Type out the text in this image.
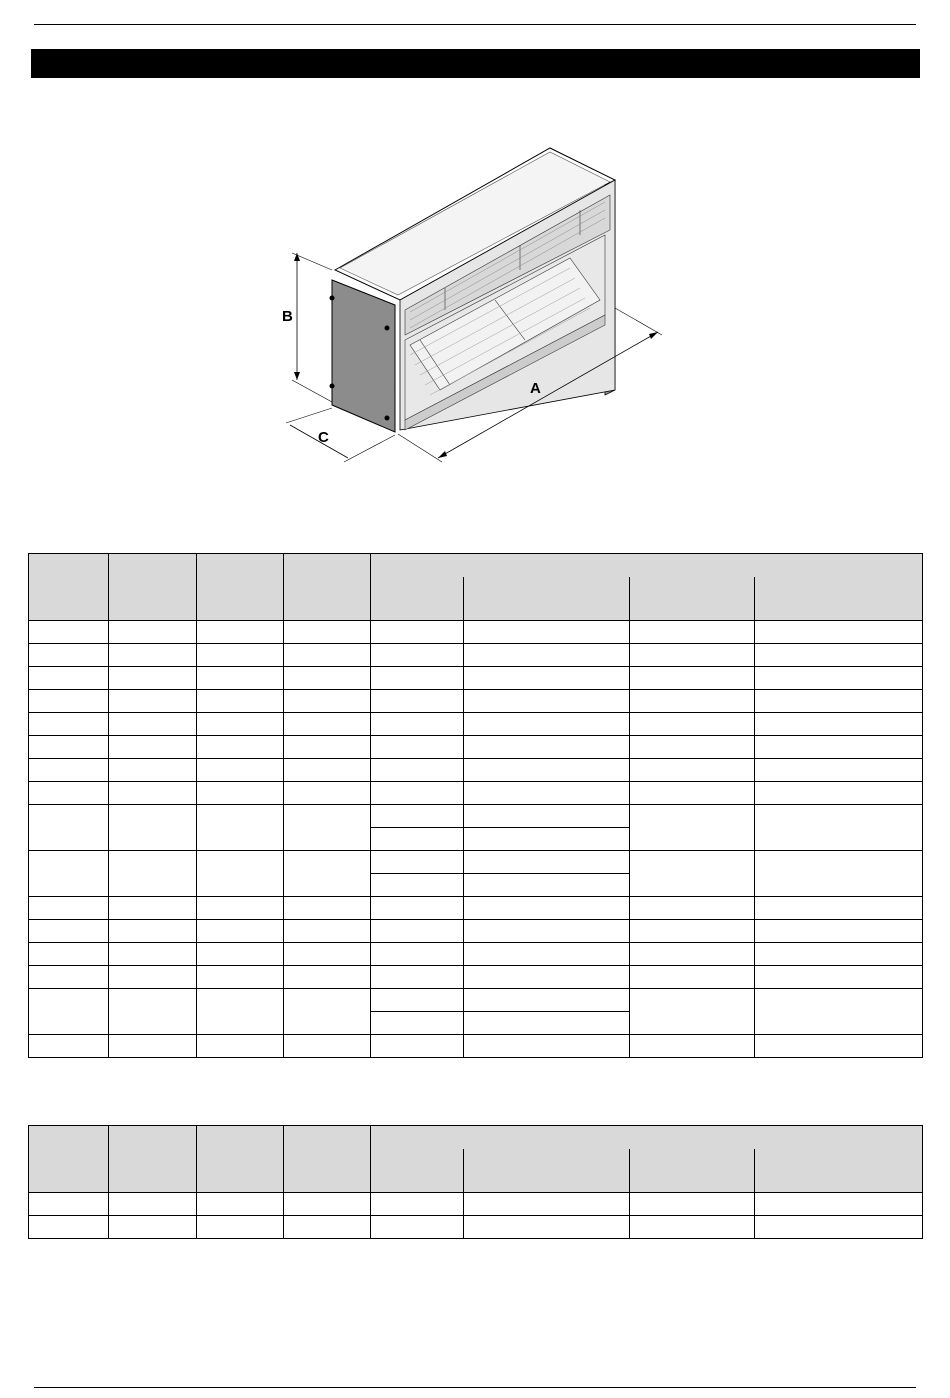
B
C
A
